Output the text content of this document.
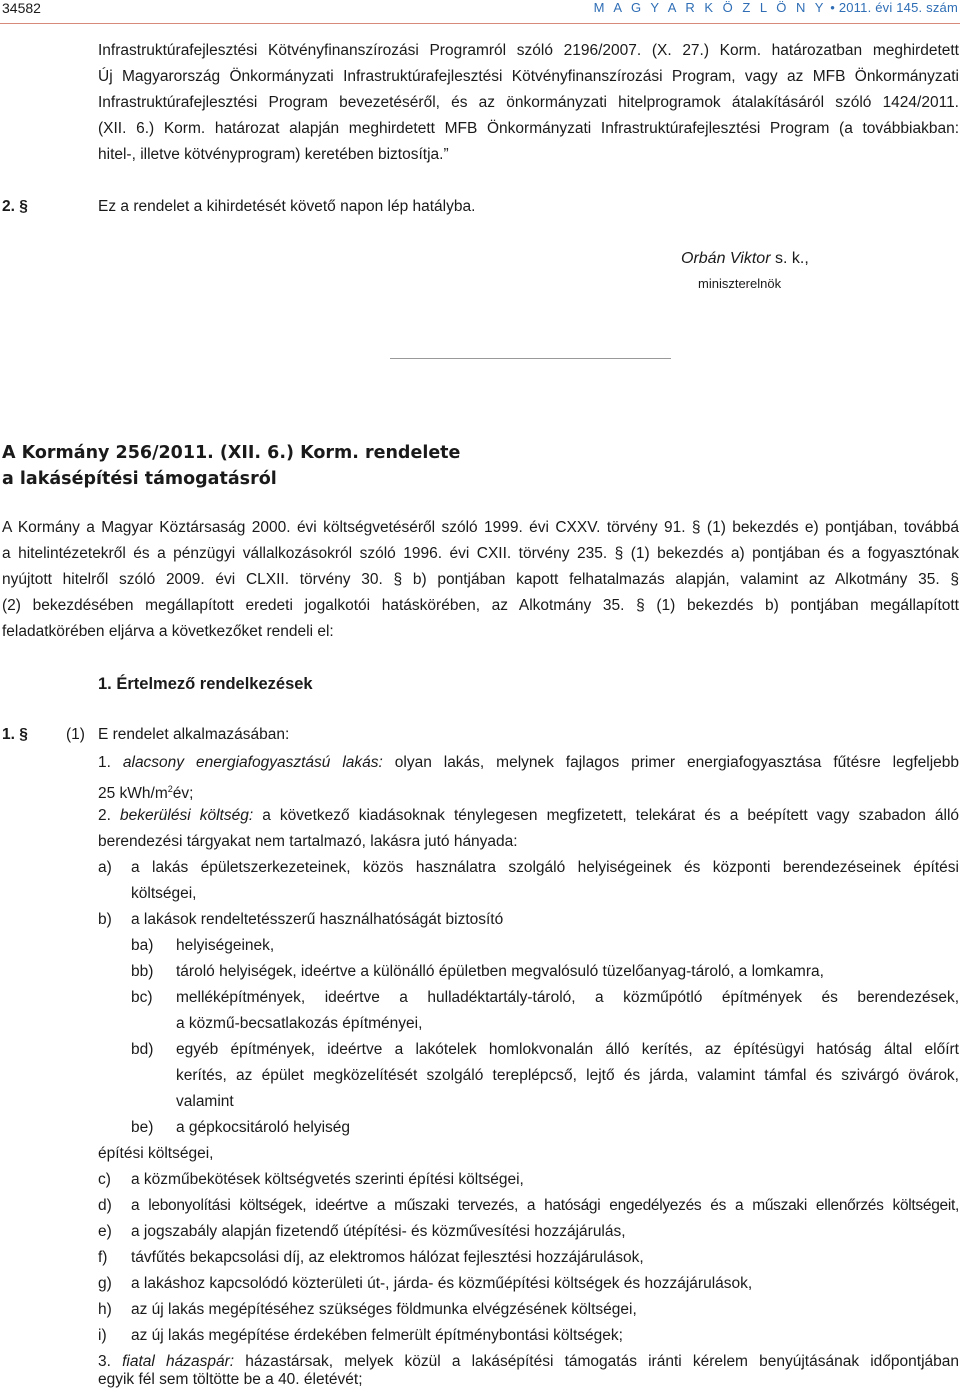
34582	M A G Y A R K Ö Z L Ö N Y • 2011. évi 145. szám

Infrastruktúrafejlesztési Kötvényfinanszírozási Programról szóló 2196/2007. (X. 27.) Korm. határozatban meghirdetett

Új Magyarország Önkormányzati Infrastruktúrafejlesztési Kötvényfinanszírozási Program, vagy az MFB Önkormányzati

Infrastruktúrafejlesztési Program bevezetéséről, és az önkormányzati hitelprogramok átalakításáról szóló 1424/2011.

(XII. 6.) Korm. határozat alapján meghirdetett MFB Önkormányzati Infrastruktúrafejlesztési Program (a továbbiakban:

hitel-, illetve kötvényprogram) keretében biztosítja.”

2. §	Ez a rendelet a kihirdetését követő napon lép hatályba.

Orbán Viktor s. k.,
miniszterelnök
A Kormány 256/2011. (XII. 6.) Korm. rendelete
a lakásépítési támogatásról

A Kormány a Magyar Köztársaság 2000. évi költségvetéséről szóló 1999. évi CXXV. törvény 91. § (1) bekezdés e) pontjában, továbbá

a hitelintézetekről és a pénzügyi vállalkozásokról szóló 1996. évi CXII. törvény 235. § (1) bekezdés a) pontjában és a fogyasztónak

nyújtott hitelről szóló 2009. évi CLXII. törvény 30. § b) pontjában kapott felhatalmazás alapján, valamint az Alkotmány 35. §

(2) bekezdésében megállapított eredeti jogalkotói hatáskörében, az Alkotmány 35. § (1) bekezdés b) pontjában megállapított

feladatkörében eljárva a következőket rendeli el:

1. Értelmező rendelkezések

1. § (1) E rendelet alkalmazásában:

1. alacsony energiafogyasztású lakás: olyan lakás, melynek fajlagos primer energiafogyasztása fűtésre legfeljebb

25 kWh/$m^2év$;

2. bekerülési költség: a következő kiadásoknak ténylegesen megfizetett, telekárat és a beépített vagy szabadon álló

berendezési tárgyakat nem tartalmazó, lakásra jutó hányada:

a) a lakás épületszerkezeteinek, közös használatra szolgáló helyiségeinek és központi berendezéseinek építési

költségei,

b) a lakások rendeltetésszerű használhatóságát biztosító

ba) helyiségeinek,

bb) tároló helyiségek, ideértve a különálló épületben megvalósuló tüzelőanyag-tároló, a lomkamra,

bc) melléképítmények, ideértve a hulladéktartály-tároló, a közműpótló építmények és berendezések,

a közmű-becsatlakozás építményei,

bd) egyéb építmények, ideértve a lakótelek homlokvonalán álló kerítés, az építésügyi hatóság által előírt

kerítés, az épület megközelítését szolgáló tereplépcső, lejtő és járda, valamint támfal és szivárgó övárok,

valamint

be) a gépkocsitároló helyiség

építési költségei,

c) a közműbekötések költségvetés szerinti építési költségei,

d) a lebonyolítási költségek, ideértve a műszaki tervezés, a hatósági engedélyezés és a műszaki ellenőrzés költségeit,

e) a jogszabály alapján fizetendő útépítési- és közművesítési hozzájárulás,

f) távfűtés bekapcsolási díj, az elektromos hálózat fejlesztési hozzájárulások,

g) a lakáshoz kapcsolódó közterületi út-, járda- és közműépítési költségek és hozzájárulások,

h) az új lakás megépítéséhez szükséges földmunka elvégzésének költségei,

i) az új lakás megépítése érdekében felmerült építménybontási költségek;

3. fiatal házaspár: házastársak, melyek közül a lakásépítési támogatás iránti kérelem benyújtásának időpontjában

egyik fél sem töltötte be a 40. életévét;
